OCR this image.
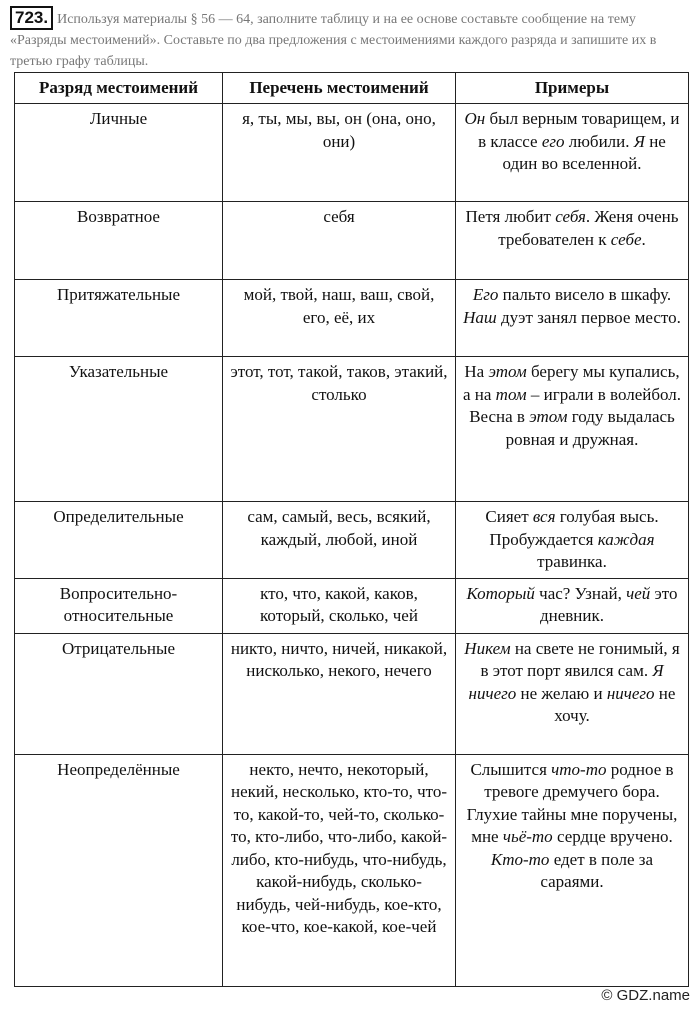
723. Используя материалы § 56 — 64, заполните таблицу и на ее основе составьте сообщение на тему «Разряды местоимений». Составьте по два предложения с местоимениями каждого разряда и запишите их в третью графу таблицы.
Разряд местоимений	Перечень местоимений	Примеры
Личные	я, ты, мы, вы, он (она, оно, они)	Он был верным товарищем, и в классе его любили. Я не один во вселенной.
Возвратное	себя	Петя любит себя. Женя очень требователен к себе.
Притяжательные	мой, твой, наш, ваш, свой, его, её, их	Его пальто висело в шкафу. Наш дуэт занял первое место.
Указательные	этот, тот, такой, таков, этакий, столько	На этом берегу мы купались, а на том – играли в волейбол. Весна в этом году выдалась ровная и дружная.
Определительные	сам, самый, весь, всякий, каждый, любой, иной	Сияет вся голубая высь. Пробуждается каждая травинка.
Вопросительно-относительные	кто, что, какой, каков, который, сколько, чей	Который час? Узнай, чей это дневник.
Отрицательные	никто, ничто, ничей, никакой, нисколько, некого, нечего	Никем на свете не гонимый, я в этот порт явился сам. Я ничего не желаю и ничего не хочу.
Неопределённые	некто, нечто, некоторый, некий, несколько, кто-то, что-то, какой-то, чей-то, сколько-то, кто-либо, что-либо, какой-либо, кто-нибудь, что-нибудь, какой-нибудь, сколько-нибудь, чей-нибудь, кое-кто, кое-что, кое-какой, кое-чей	Слышится что-то родное в тревоге дремучего бора. Глухие тайны мне поручены, мне чьё-то сердце вручено. Кто-то едет в поле за сараями.
© GDZ.name
